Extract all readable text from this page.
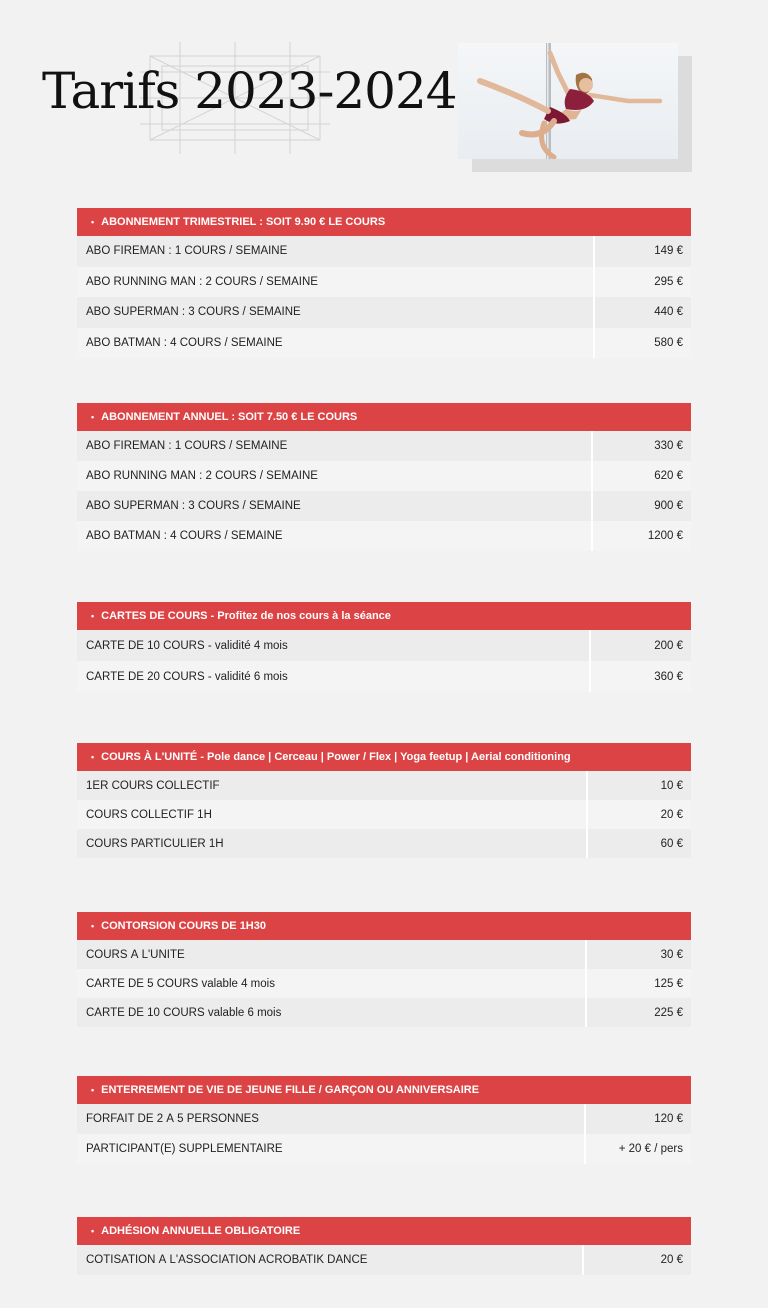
Tarifs 2023-2024
• ABONNEMENT TRIMESTRIEL : SOIT 9.90 € LE COURS
ABO FIREMAN : 1 COURS / SEMAINE	149 €
ABO RUNNING MAN : 2 COURS / SEMAINE	295 €
ABO SUPERMAN : 3 COURS / SEMAINE	440 €
ABO BATMAN : 4 COURS / SEMAINE	580 €
• ABONNEMENT ANNUEL : SOIT 7.50 € LE COURS
ABO FIREMAN : 1 COURS / SEMAINE	330 €
ABO RUNNING MAN : 2 COURS / SEMAINE	620 €
ABO SUPERMAN : 3 COURS / SEMAINE	900 €
ABO BATMAN : 4 COURS / SEMAINE	1200 €
• CARTES DE COURS - Profitez de nos cours à la séance
CARTE DE 10 COURS - validité 4 mois	200 €
CARTE DE 20 COURS - validité 6 mois	360 €
• COURS À L'UNITÉ - Pole dance | Cerceau | Power / Flex | Yoga feetup | Aerial conditioning
1ER COURS COLLECTIF	10 €
COURS COLLECTIF 1H	20 €
COURS PARTICULIER 1H	60 €
• CONTORSION COURS DE 1H30
COURS À L'UNITÉ	30 €
CARTE DE 5 COURS valable 4 mois	125 €
CARTE DE 10 COURS valable 6 mois	225 €
• ENTERREMENT DE VIE DE JEUNE FILLE / GARÇON OU ANNIVERSAIRE
FORFAIT DE 2 À 5 PERSONNES	120 €
PARTICIPANT(E) SUPPLÉMENTAIRE	+ 20 € / pers
• ADHÉSION ANNUELLE OBLIGATOIRE
COTISATION À L'ASSOCIATION ACROBATIK DANCE	20 €
